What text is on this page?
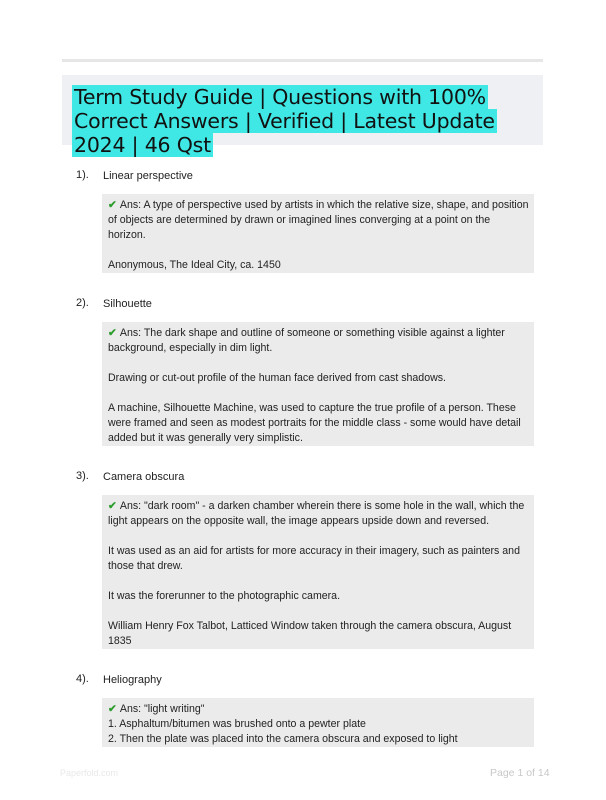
Term Study Guide | Questions with 100% Correct Answers | Verified | Latest Update 2024 | 46 Qst
1). Linear perspective

✔ Ans: A type of perspective used by artists in which the relative size, shape, and position of objects are determined by drawn or imagined lines converging at a point on the horizon.

Anonymous, The Ideal City, ca. 1450

2). Silhouette

✔ Ans: The dark shape and outline of someone or something visible against a lighter background, especially in dim light.

Drawing or cut-out profile of the human face derived from cast shadows.

A machine, Silhouette Machine, was used to capture the true profile of a person. These were framed and seen as modest portraits for the middle class - some would have detail added but it was generally very simplistic.

3). Camera obscura

✔ Ans: "dark room" - a darken chamber wherein there is some hole in the wall, which the light appears on the opposite wall, the image appears upside down and reversed.

It was used as an aid for artists for more accuracy in their imagery, such as painters and those that drew.

It was the forerunner to the photographic camera.

William Henry Fox Talbot, Latticed Window taken through the camera obscura, August 1835

4). Heliography

✔ Ans: "light writing"

1. Asphaltum/bitumen was brushed onto a pewter plate

2. Then the plate was placed into the camera obscura and exposed to light

Paperfold.com	Page 1 of 14
